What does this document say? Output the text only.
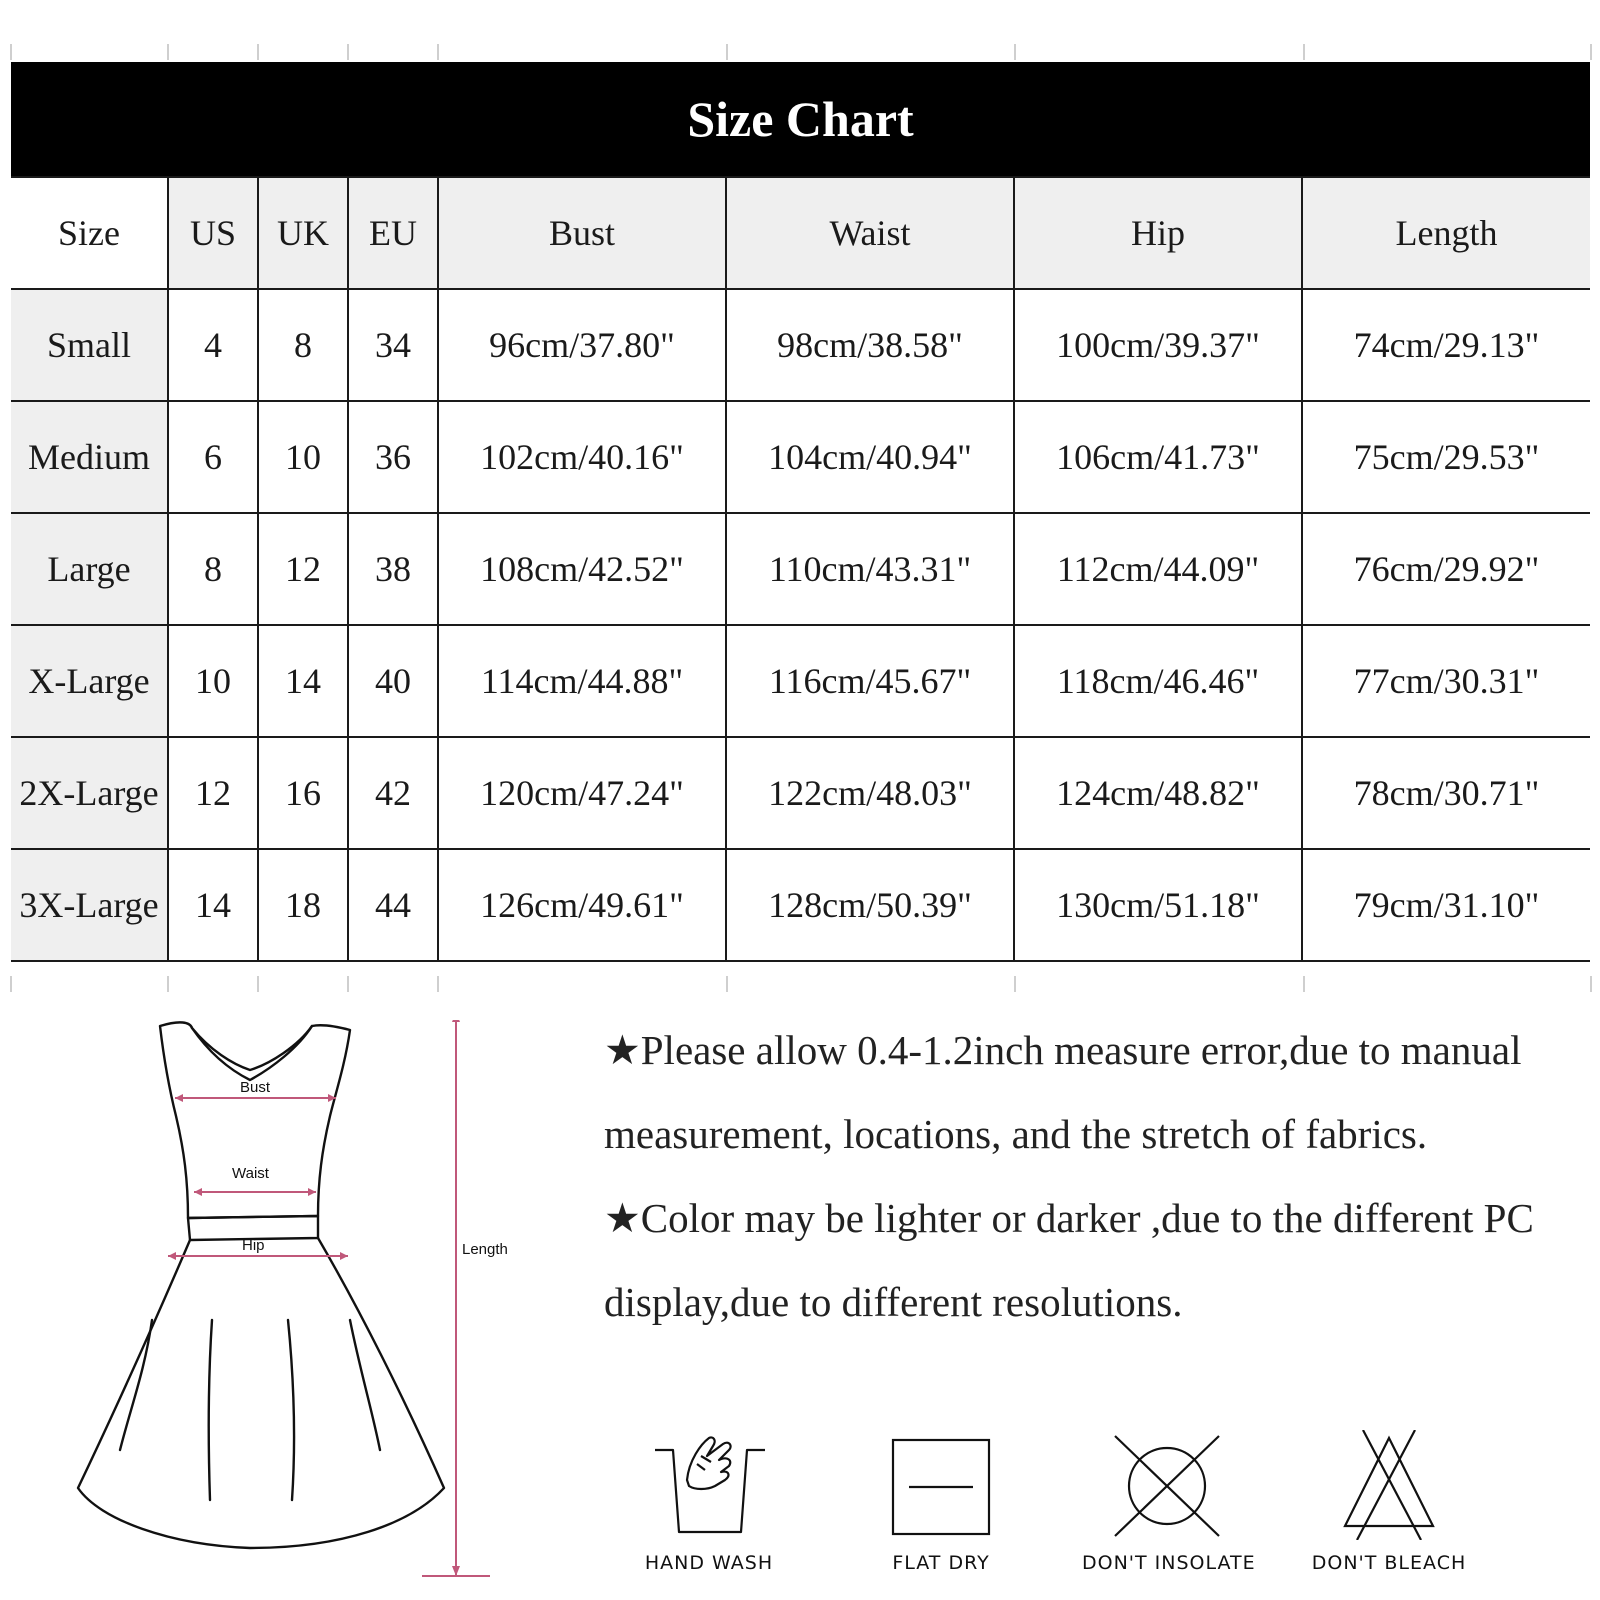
Size Chart
Size	US	UK	EU	Bust	Waist	Hip	Length
Small	4	8	34	96cm/37.80"	98cm/38.58"	100cm/39.37"	74cm/29.13"
Medium	6	10	36	102cm/40.16"	104cm/40.94"	106cm/41.73"	75cm/29.53"
Large	8	12	38	108cm/42.52"	110cm/43.31"	112cm/44.09"	76cm/29.92"
X-Large	10	14	40	114cm/44.88"	116cm/45.67"	118cm/46.46"	77cm/30.31"
2X-Large	12	16	42	120cm/47.24"	122cm/48.03"	124cm/48.82"	78cm/30.71"
3X-Large	14	18	44	126cm/49.61"	128cm/50.39"	130cm/51.18"	79cm/31.10"
Bust
Waist
Hip	Length

★Please allow 0.4-1.2inch measure error,due to manual measurement, locations, and the stretch of fabrics.

★Color may be lighter or darker ,due to the different PC display,due to different resolutions.

HAND WASH	FLAT DRY	DON'T INSOLATE	DON'T BLEACH
